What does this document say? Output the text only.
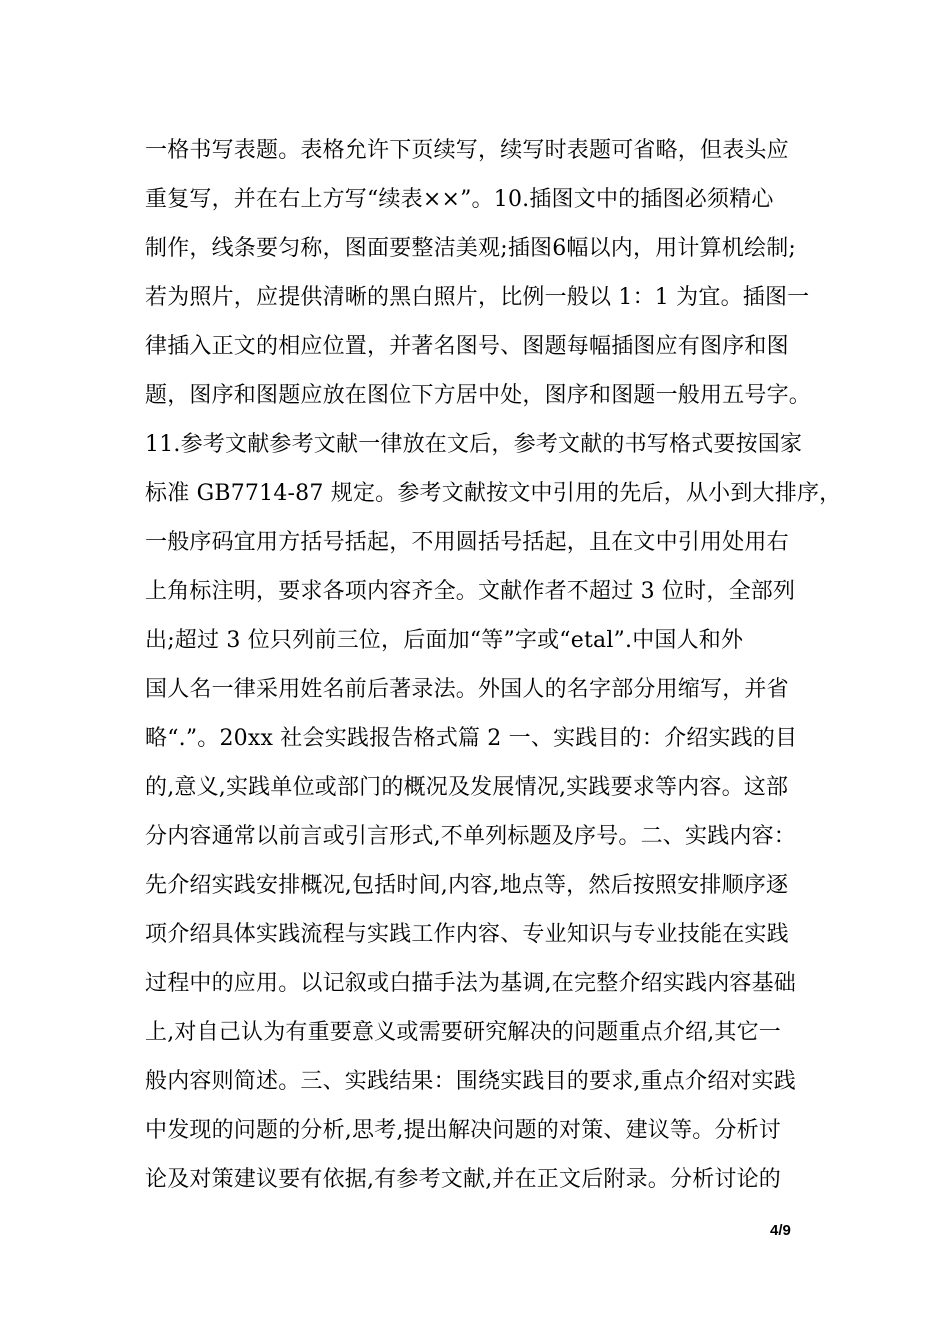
一格书写表题。表格允许下页续写，续写时表题可省略，但表头应
重复写，并在右上方写“续表××”。10.插图文中的插图必须精心
制作，线条要匀称，图面要整洁美观;插图6幅以内，用计算机绘制;
若为照片，应提供清晰的黑白照片，比例一般以 1：1 为宜。插图一
律插入正文的相应位置，并著名图号、图题每幅插图应有图序和图
题，图序和图题应放在图位下方居中处，图序和图题一般用五号字。
11.参考文献参考文献一律放在文后，参考文献的书写格式要按国家
标准 GB7714-87 规定。参考文献按文中引用的先后，从小到大排序，
一般序码宜用方括号括起，不用圆括号括起，且在文中引用处用右
上角标注明，要求各项内容齐全。文献作者不超过 3 位时，全部列
出;超过 3 位只列前三位，后面加“等”字或“etal”.中国人和外
国人名一律采用姓名前后著录法。外国人的名字部分用缩写，并省
略“.”。20xx 社会实践报告格式篇 2 一、实践目的：介绍实践的目
的,意义,实践单位或部门的概况及发展情况,实践要求等内容。这部
分内容通常以前言或引言形式,不单列标题及序号。二、实践内容：
先介绍实践安排概况,包括时间,内容,地点等，然后按照安排顺序逐
项介绍具体实践流程与实践工作内容、专业知识与专业技能在实践
过程中的应用。以记叙或白描手法为基调,在完整介绍实践内容基础
上,对自己认为有重要意义或需要研究解决的问题重点介绍,其它一
般内容则简述。三、实践结果：围绕实践目的要求,重点介绍对实践
中发现的问题的分析,思考,提出解决问题的对策、建议等。分析讨
论及对策建议要有依据,有参考文献,并在正文后附录。分析讨论的
4/9
